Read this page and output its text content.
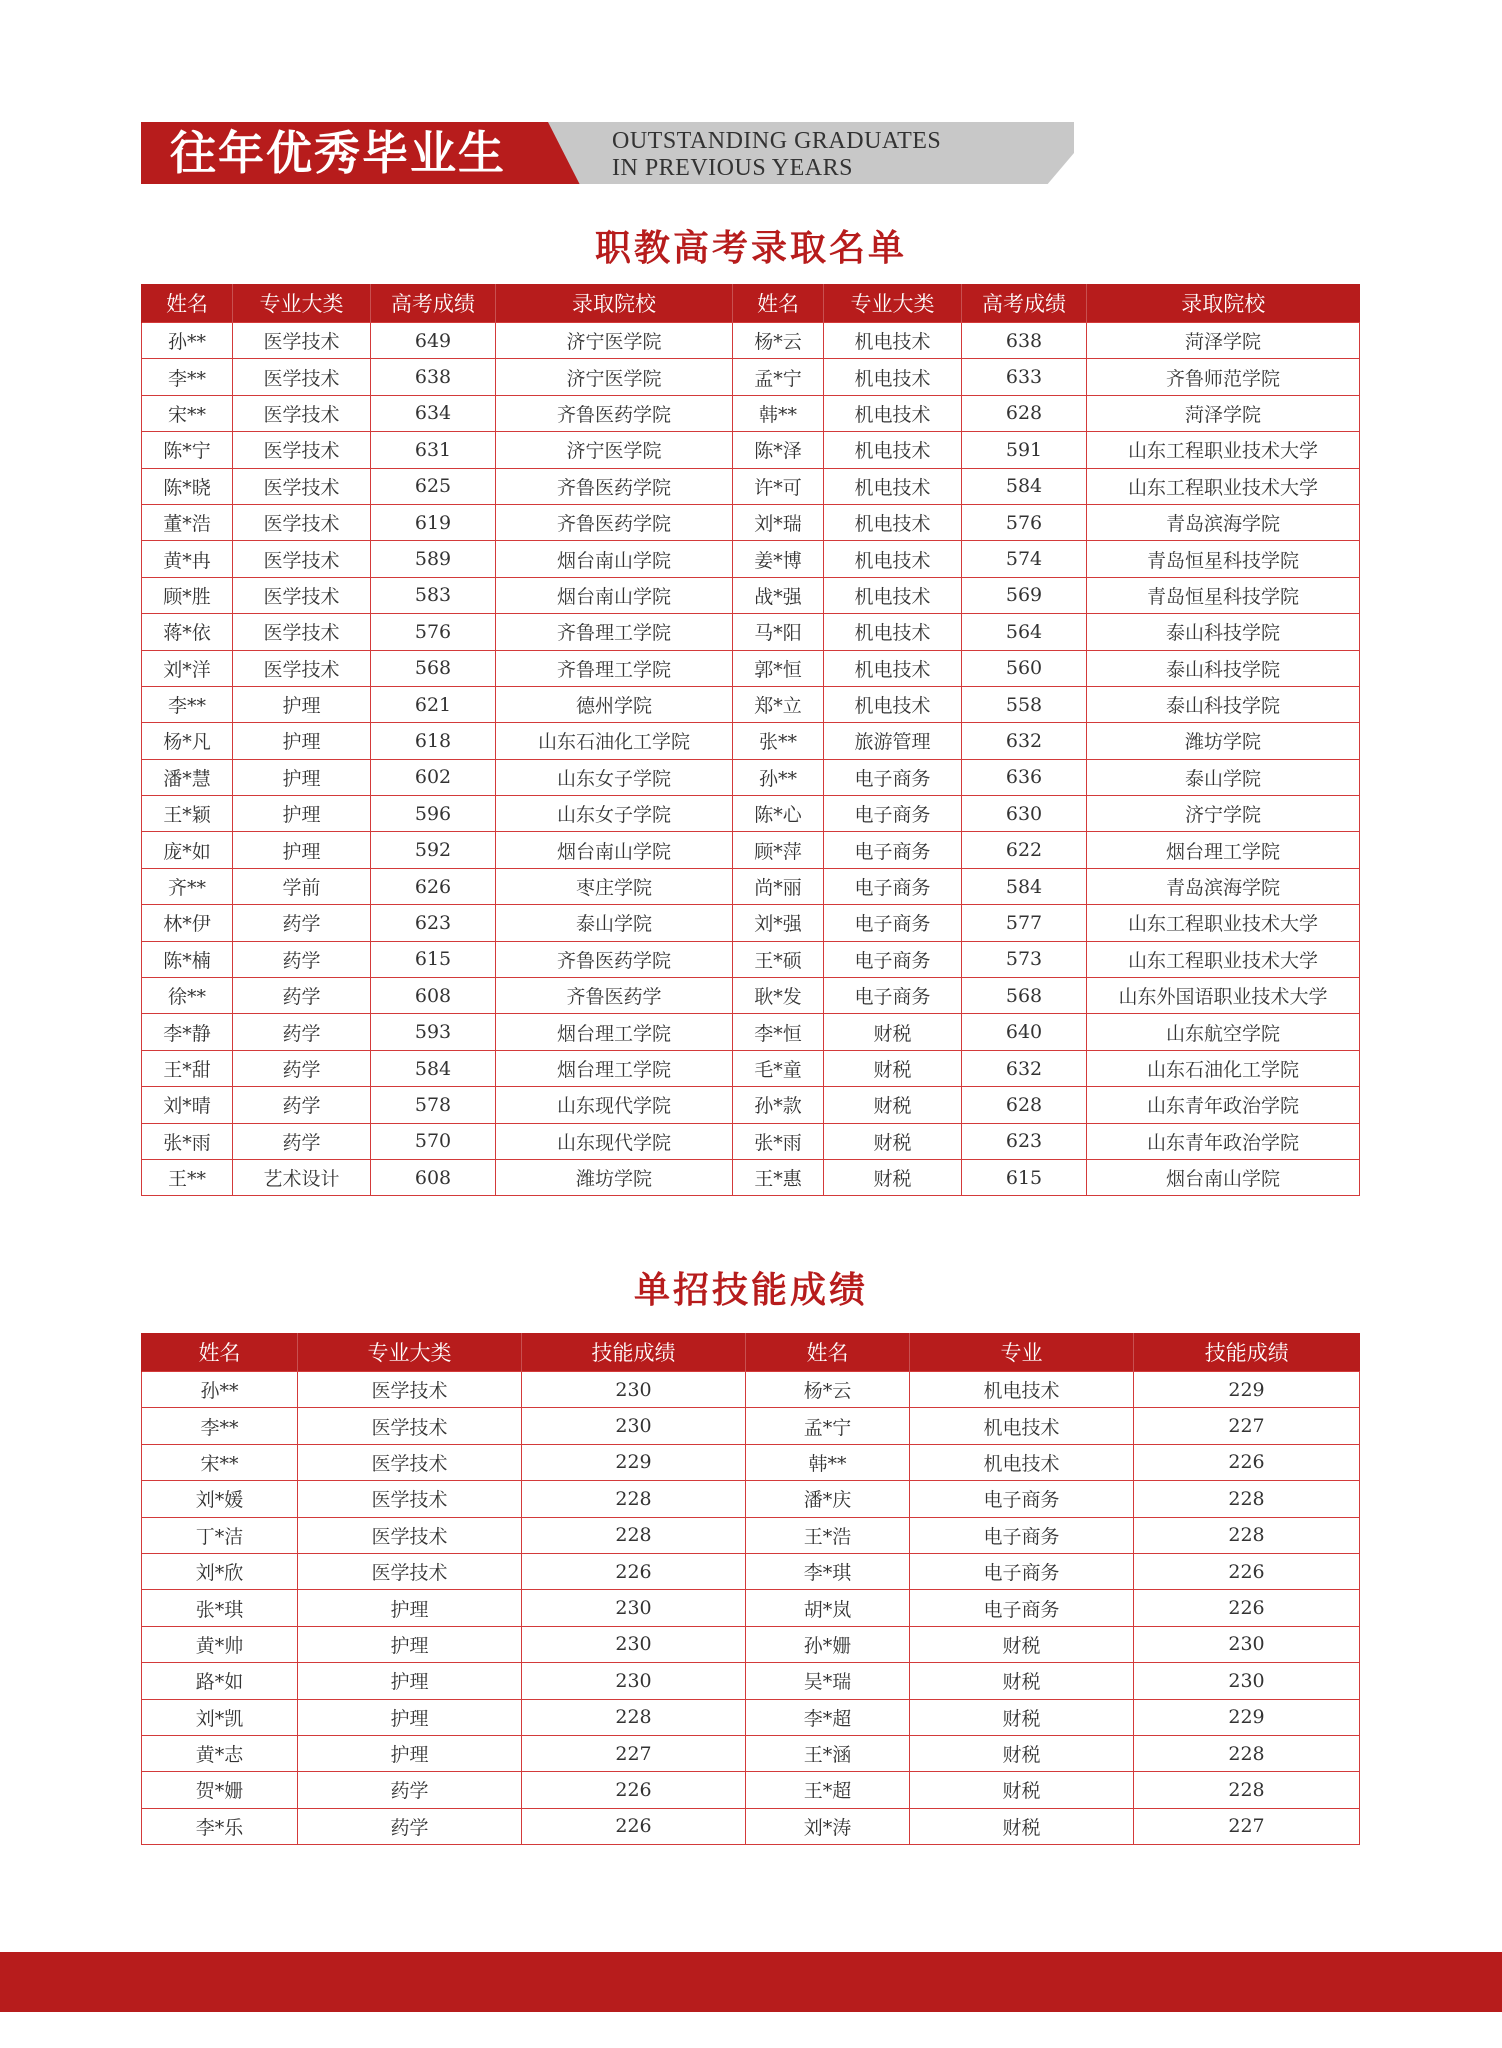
往年优秀毕业生	OUTSTANDING GRADUATES
IN PREVIOUS YEARS
职教高考录取名单
姓名	专业大类	高考成绩	录取院校	姓名	专业大类	高考成绩	录取院校
孙**	医学技术	649	济宁医学院	杨*云	机电技术	638	菏泽学院
李**	医学技术	638	济宁医学院	孟*宁	机电技术	633	齐鲁师范学院
宋**	医学技术	634	齐鲁医药学院	韩**	机电技术	628	菏泽学院
陈*宁	医学技术	631	济宁医学院	陈*泽	机电技术	591	山东工程职业技术大学
陈*晓	医学技术	625	齐鲁医药学院	许*可	机电技术	584	山东工程职业技术大学
董*浩	医学技术	619	齐鲁医药学院	刘*瑞	机电技术	576	青岛滨海学院
黄*冉	医学技术	589	烟台南山学院	姜*博	机电技术	574	青岛恒星科技学院
顾*胜	医学技术	583	烟台南山学院	战*强	机电技术	569	青岛恒星科技学院
蒋*依	医学技术	576	齐鲁理工学院	马*阳	机电技术	564	泰山科技学院
刘*洋	医学技术	568	齐鲁理工学院	郭*恒	机电技术	560	泰山科技学院
李**	护理	621	德州学院	郑*立	机电技术	558	泰山科技学院
杨*凡	护理	618	山东石油化工学院	张**	旅游管理	632	潍坊学院
潘*慧	护理	602	山东女子学院	孙**	电子商务	636	泰山学院
王*颖	护理	596	山东女子学院	陈*心	电子商务	630	济宁学院
庞*如	护理	592	烟台南山学院	顾*萍	电子商务	622	烟台理工学院
齐**	学前	626	枣庄学院	尚*丽	电子商务	584	青岛滨海学院
林*伊	药学	623	泰山学院	刘*强	电子商务	577	山东工程职业技术大学
陈*楠	药学	615	齐鲁医药学院	王*硕	电子商务	573	山东工程职业技术大学
徐**	药学	608	齐鲁医药学	耿*发	电子商务	568	山东外国语职业技术大学
李*静	药学	593	烟台理工学院	李*恒	财税	640	山东航空学院
王*甜	药学	584	烟台理工学院	毛*童	财税	632	山东石油化工学院
刘*晴	药学	578	山东现代学院	孙*款	财税	628	山东青年政治学院
张*雨	药学	570	山东现代学院	张*雨	财税	623	山东青年政治学院
王**	艺术设计	608	潍坊学院	王*惠	财税	615	烟台南山学院
单招技能成绩
姓名	专业大类	技能成绩	姓名	专业	技能成绩
孙**	医学技术	230	杨*云	机电技术	229
李**	医学技术	230	孟*宁	机电技术	227
宋**	医学技术	229	韩**	机电技术	226
刘*媛	医学技术	228	潘*庆	电子商务	228
丁*洁	医学技术	228	王*浩	电子商务	228
刘*欣	医学技术	226	李*琪	电子商务	226
张*琪	护理	230	胡*岚	电子商务	226
黄*帅	护理	230	孙*姗	财税	230
路*如	护理	230	吴*瑞	财税	230
刘*凯	护理	228	李*超	财税	229
黄*志	护理	227	王*涵	财税	228
贺*姗	药学	226	王*超	财税	228
李*乐	药学	226	刘*涛	财税	227
